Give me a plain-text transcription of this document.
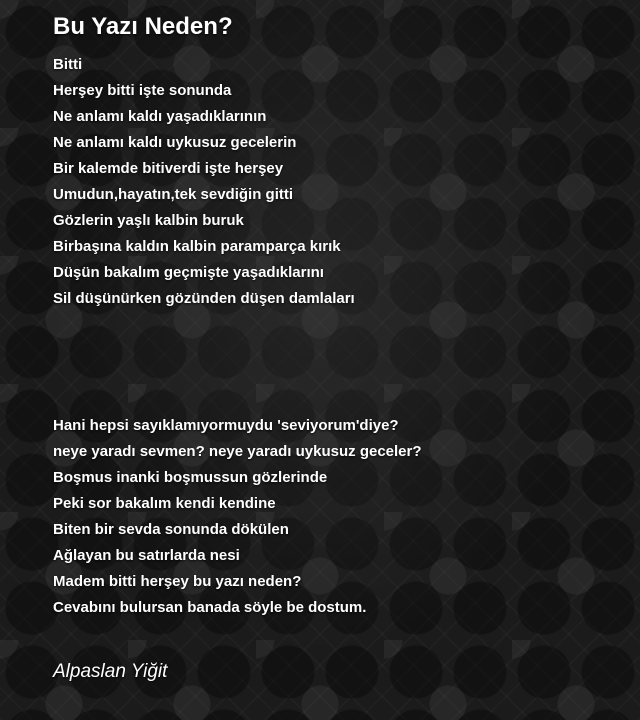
Bu Yazı Neden?
Bitti
Herşey bitti işte sonunda
Ne anlamı kaldı yaşadıklarının
Ne anlamı kaldı uykusuz gecelerin
Bir kalemde bitiverdi işte herşey
Umudun,hayatın,tek sevdiğin gitti
Gözlerin yaşlı kalbin buruk
Birbaşına kaldın kalbin paramparça kırık
Düşün bakalım geçmişte yaşadıklarını
Sil düşünürken gözünden düşen damlaları
Hani hepsi sayıklamıyormuydu 'seviyorum'diye?
neye yaradı sevmen? neye yaradı uykusuz geceler?
Boşmus inanki boşmussun gözlerinde
Peki sor bakalım kendi kendine
Biten bir sevda sonunda dökülen
Ağlayan bu satırlarda nesi
Madem bitti herşey bu yazı neden?
Cevabını bulursan banada söyle be dostum.
Alpaslan Yiğit
